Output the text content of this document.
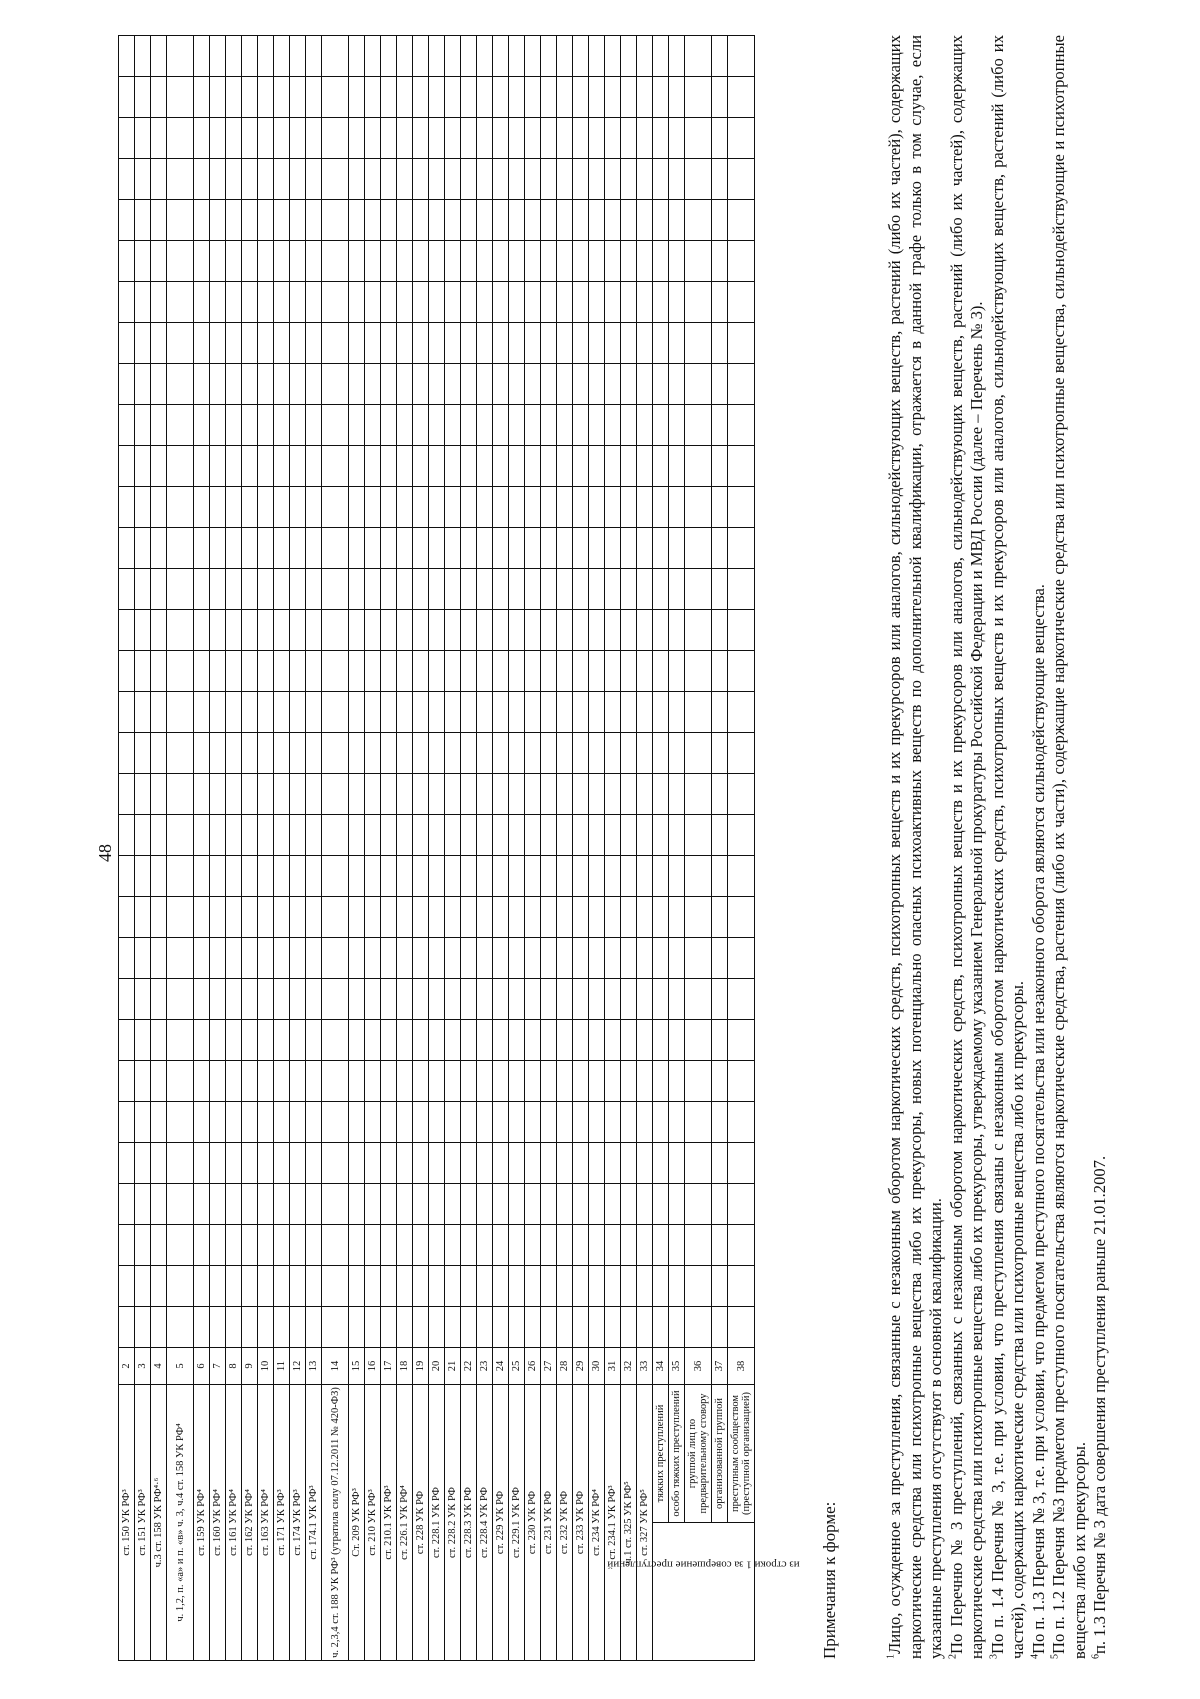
48
ст. 150 УК РФ³		2																																
ст. 151 УК РФ³		3																																
ч.3 ст. 158 УК РФ⁴·⁶		4																																
ч. 1,2, п. «а» и п. «в» ч. 3, ч.4 ст. 158 УК РФ⁴		5																																
ст. 159 УК РФ⁴		6																																
ст. 160 УК РФ⁴		7																																
ст. 161 УК РФ⁴		8																																
ст. 162 УК РФ⁴		9																																
ст. 163 УК РФ⁴		10																																
ст. 171 УК РФ³		11																																
ст. 174 УК РФ³		12																																
ст. 174.1 УК РФ³		13																																
ч. 2,3,4 ст. 188 УК РФ³ (утратила силу 07.12.2011 № 420-ФЗ)		14																																
Ст. 209 УК РФ³		15																																
ст. 210 УК РФ³		16																																
ст. 210.1 УК РФ³		17																																
ст. 226.1 УК РФ⁴		18																																
ст. 228 УК РФ		19																																
ст. 228.1 УК РФ		20																																
ст. 228.2 УК РФ		21																																
ст. 228.3 УК РФ		22																																
ст. 228.4 УК РФ		23																																
ст. 229 УК РФ		24																																
ст. 229.1 УК РФ		25																																
ст. 230 УК РФ		26																																
ст. 231 УК РФ		27																																
ст. 232 УК РФ		28																																
ст. 233 УК РФ		29																																
ст. 234 УК РФ⁴		30																																
ст. 234.1 УК РФ³		31																																
ч.1 ст. 325 УК РФ⁵		32																																
ст. 327 УК РФ⁵		33																																
из строки 1 за совершение преступлений	тяжких преступлений	34																																
	особо тяжких преступлений	35																																
	группой лиц по предварительному сговору	36																																
	организованной группой	37																																
	преступным сообществом (преступной организацией)	38																																
Примечания к форме:	$^1$Лицо, осужденное за преступления, связанные с незаконным оборотом наркотических средств, психотропных веществ и их прекурсоров или аналогов, сильнодействующих веществ, растений (либо их частей), содержащих наркотические средства или психотропные вещества либо их прекурсоры, новых потенциально опасных психоактивных веществ по дополнительной квалификации, отражается в данной графе только в том случае, если указанные преступления отсутствуют в основной квалификации. $^2$По Перечню № 3 преступлений, связанных с незаконным оборотом наркотических средств, психотропных веществ и их прекурсоров или аналогов, сильнодействующих веществ, растений (либо их частей), содержащих наркотические средства или психотропные вещества либо их прекурсоры, утверждаемому указанием Генеральной прокуратуры Российской Федерации и МВД России (далее – Перечень № 3). $^3$По п. 1.4 Перечня № 3, т.е. при условии, что преступления связаны с незаконным оборотом наркотических средств, психотропных веществ и их прекурсоров или аналогов, сильнодействующих веществ, растений (либо их частей), содержащих наркотические средства или психотропные вещества либо их прекурсоры. $^4$По п. 1.3 Перечня № 3, т.е. при условии, что предметом преступного посягательства или незаконного оборота являются сильнодействующие вещества.

$^5$По п. 1.2 Перечня №3 предметом преступного посягательства являются наркотические средства, растения (либо их части), содержащие наркотические средства или психотропные вещества, сильнодействующие и психотропные вещества либо их прекурсоры. $^6$п. 1.3 Перечня № 3 дата совершения преступления раньше 21.01.2007.
